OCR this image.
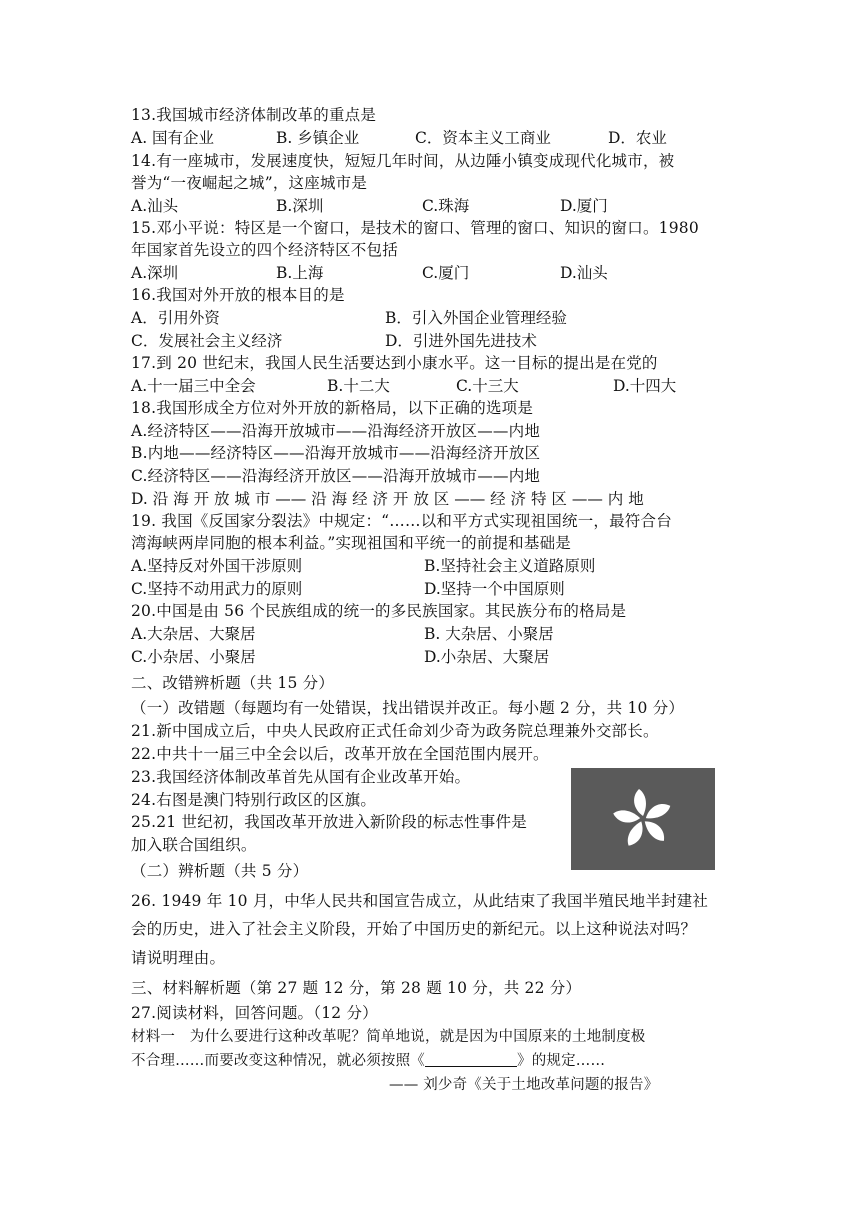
13.我国城市经济体制改革的重点是
A. 国有企业	B. 乡镇企业	C．资本主义工商业	D．农业
14.有一座城市，发展速度快，短短几年时间，从边陲小镇变成现代化城市，被
誉为“一夜崛起之城”，这座城市是
A.汕头	B.深圳	C.珠海	D.厦门
15.邓小平说：特区是一个窗口，是技术的窗口、管理的窗口、知识的窗口。1980
年国家首先设立的四个经济特区不包括
A.深圳	B.上海	C.厦门	D.汕头
16.我国对外开放的根本目的是
A．引用外资	B．引入外国企业管理经验
C．发展社会主义经济	D．引进外国先进技术
17.到 20 世纪末，我国人民生活要达到小康水平。这一目标的提出是在党的
A.十一届三中全会	B.十二大	C.十三大	D.十四大
18.我国形成全方位对外开放的新格局，以下正确的选项是
A.经济特区——沿海开放城市——沿海经济开放区——内地
B.内地——经济特区——沿海开放城市——沿海经济开放区
C.经济特区——沿海经济开放区——沿海开放城市——内地
D. 沿 海 开 放 城 市 —— 沿 海 经 济 开 放 区 —— 经 济 特 区 —— 内 地
19. 我国《反国家分裂法》中规定：“……以和平方式实现祖国统一，最符合台
湾海峡两岸同胞的根本利益。”实现祖国和平统一的前提和基础是
A.坚持反对外国干涉原则	B.坚持社会主义道路原则
C.坚持不动用武力的原则	D.坚持一个中国原则
20.中国是由 56 个民族组成的统一的多民族国家。其民族分布的格局是
A.大杂居、大聚居	B. 大杂居、小聚居
C.小杂居、小聚居	D.小杂居、大聚居
二、改错辨析题（共 15 分）
（一）改错题（每题均有一处错误，找出错误并改正。每小题 2 分，共 10 分）
21.新中国成立后，中央人民政府正式任命刘少奇为政务院总理兼外交部长。
22.中共十一届三中全会以后，改革开放在全国范围内展开。
23.我国经济体制改革首先从国有企业改革开始。
24.右图是澳门特别行政区的区旗。
25.21 世纪初，我国改革开放进入新阶段的标志性事件是
加入联合国组织。
（二）辨析题（共 5 分）
26. 1949 年 10 月，中华人民共和国宣告成立，从此结束了我国半殖民地半封建社
会的历史，进入了社会主义阶段，开始了中国历史的新纪元。以上这种说法对吗？
请说明理由。
三、材料解析题（第 27 题 12 分，第 28 题 10 分，共 22 分）
27.阅读材料，回答问题。（12 分）
材料一　为什么要进行这种改革呢？简单地说，就是因为中国原来的土地制度极
不合理……而要改变这种情况，就必须按照《	》的规定……
—— 刘少奇《关于土地改革问题的报告》
